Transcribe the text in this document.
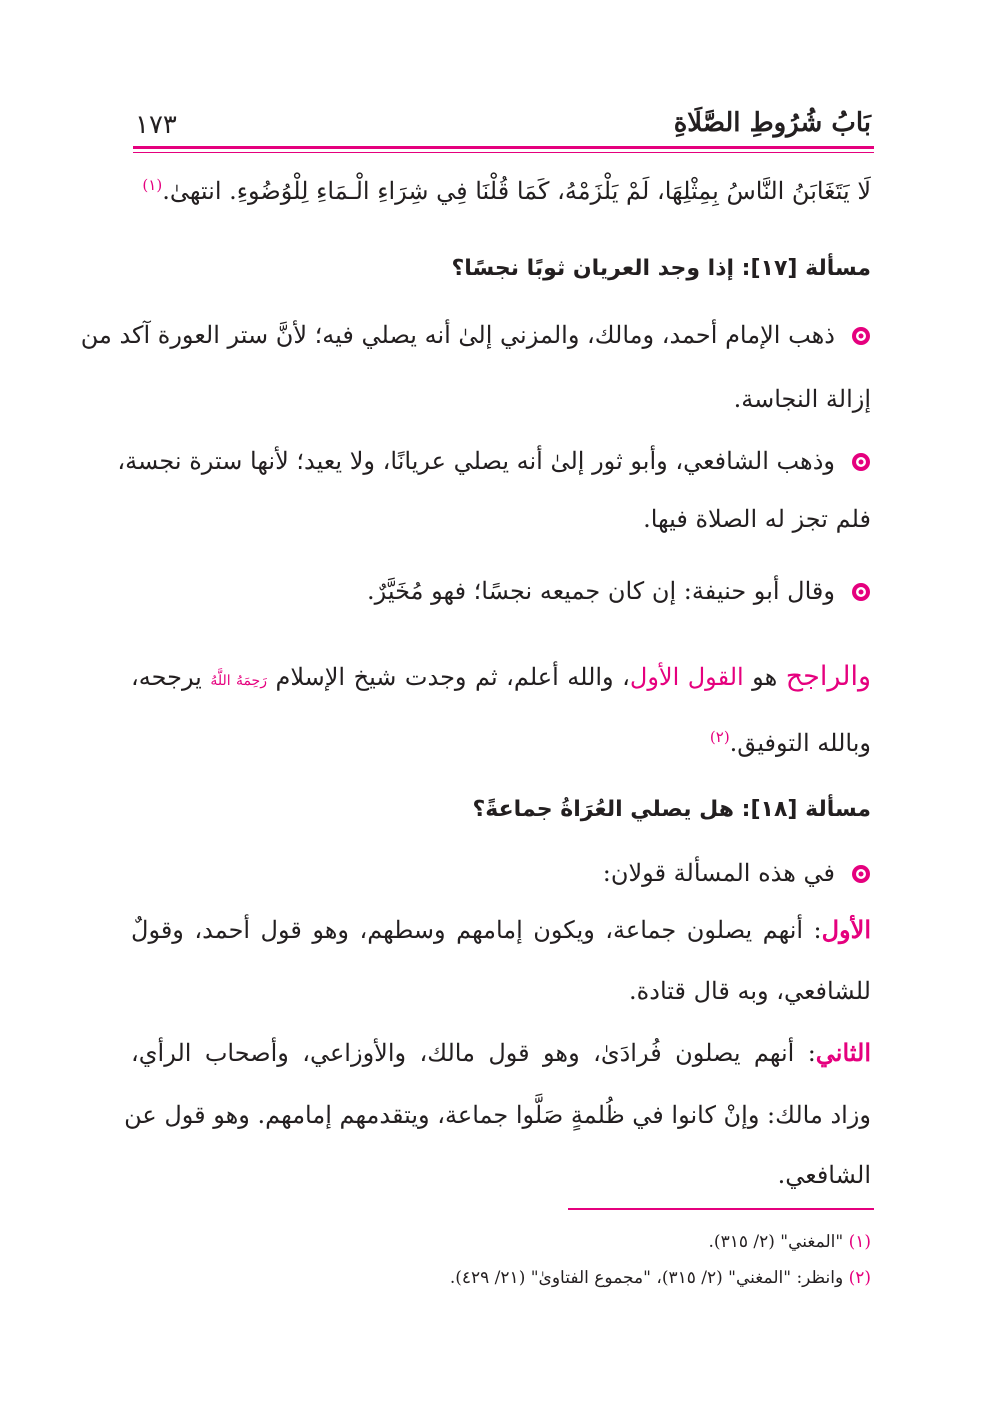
بَابُ شُرُوطِ الصَّلَاةِ
١٧٣
لَا يَتَغَابَنُ النَّاسُ بِمِثْلِهَا، لَمْ يَلْزَمْهُ، كَمَا قُلْنَا فِي شِرَاءِ الْـمَاءِ لِلْوُضُوءِ. انتهىٰ.$^{(١)}$
مسألة [١٧]: إذا وجد العريان ثوبًا نجسًا؟
ذهب الإمام أحمد، ومالك، والمزني إلىٰ أنه يصلي فيه؛ لأنَّ ستر العورة آكد من
إزالة النجاسة.
وذهب الشافعي، وأبو ثور إلىٰ أنه يصلي عريانًا، ولا يعيد؛ لأنها سترة نجسة،
فلم تجز له الصلاة فيها.
وقال أبو حنيفة: إن كان جميعه نجسًا؛ فهو مُخَيَّرٌ.
والراجح هو القول الأول، والله أعلم، ثم وجدت شيخ الإسلام رَحِمَهُ اللَّهُ يرجحه،
وبالله التوفيق.$^{(٢)}$
مسألة [١٨]: هل يصلي العُرَاةُ جماعةً؟
في هذه المسألة قولان:
الأول: أنهم يصلون جماعة، ويكون إمامهم وسطهم، وهو قول أحمد، وقولٌ
للشافعي، وبه قال قتادة.
الثاني: أنهم يصلون فُرادَىٰ، وهو قول مالك، والأوزاعي، وأصحاب الرأي،
وزاد مالك: وإنْ كانوا في ظُلمةٍ صَلَّوا جماعة، ويتقدمهم إمامهم. وهو قول عن
الشافعي.
(١) "المغني" (٢/ ٣١٥).
(٢) وانظر: "المغني" (٢/ ٣١٥)، "مجموع الفتاوىٰ" (٢١/ ٤٢٩).
